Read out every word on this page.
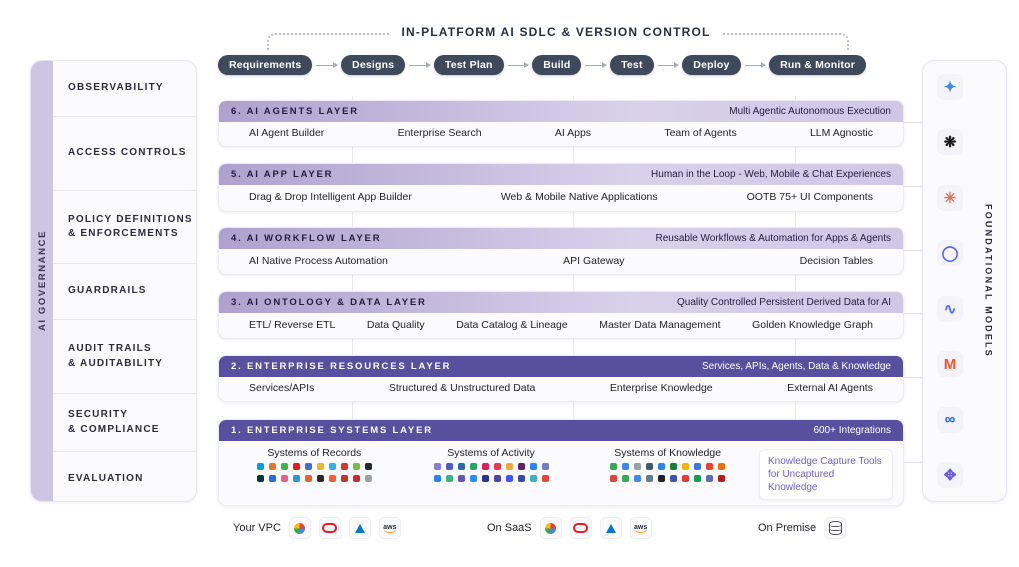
IN-PLATFORM AI SDLC & VERSION CONTROL
Requirements	Designs	Test Plan	Build	Test	Deploy	Run & Monitor
AI GOVERNANCE
OBSERVABILITY
ACCESS CONTROLS
POLICY DEFINITIONS
& ENFORCEMENTS
GUARDRAILS
AUDIT TRAILS
& AUDITABILITY
SECURITY
& COMPLIANCE
EVALUATION
6. AI AGENTS LAYER	Multi Agentic Autonomous Execution
AI Agent Builder	Enterprise Search	AI Apps	Team of Agents	LLM Agnostic
5. AI APP LAYER	Human in the Loop - Web, Mobile & Chat Experiences
Drag & Drop Intelligent App Builder	Web & Mobile Native Applications	OOTB 75+ UI Components
4. AI WORKFLOW LAYER	Reusable Workflows & Automation for Apps & Agents
AI Native Process Automation	API Gateway	Decision Tables
3. AI ONTOLOGY & DATA LAYER	Quality Controlled Persistent Derived Data for AI
ETL/ Reverse ETL	Data Quality	Data Catalog & Lineage	Master Data Management	Golden Knowledge Graph
2. ENTERPRISE RESOURCES LAYER	Services, APIs, Agents, Data & Knowledge
Services/APIs	Structured & Unstructured Data	Enterprise Knowledge	External AI Agents
1. ENTERPRISE SYSTEMS LAYER	600+ Integrations
Systems of Records	Systems of Activity	Systems of Knowledge
Knowledge Capture Tools for Uncaptured Knowledge
✦
❋
✳
◯
∿
M
∞
✥
FOUNDATIONAL MODELS
Your VPC	aws	On SaaS	aws	On Premise
